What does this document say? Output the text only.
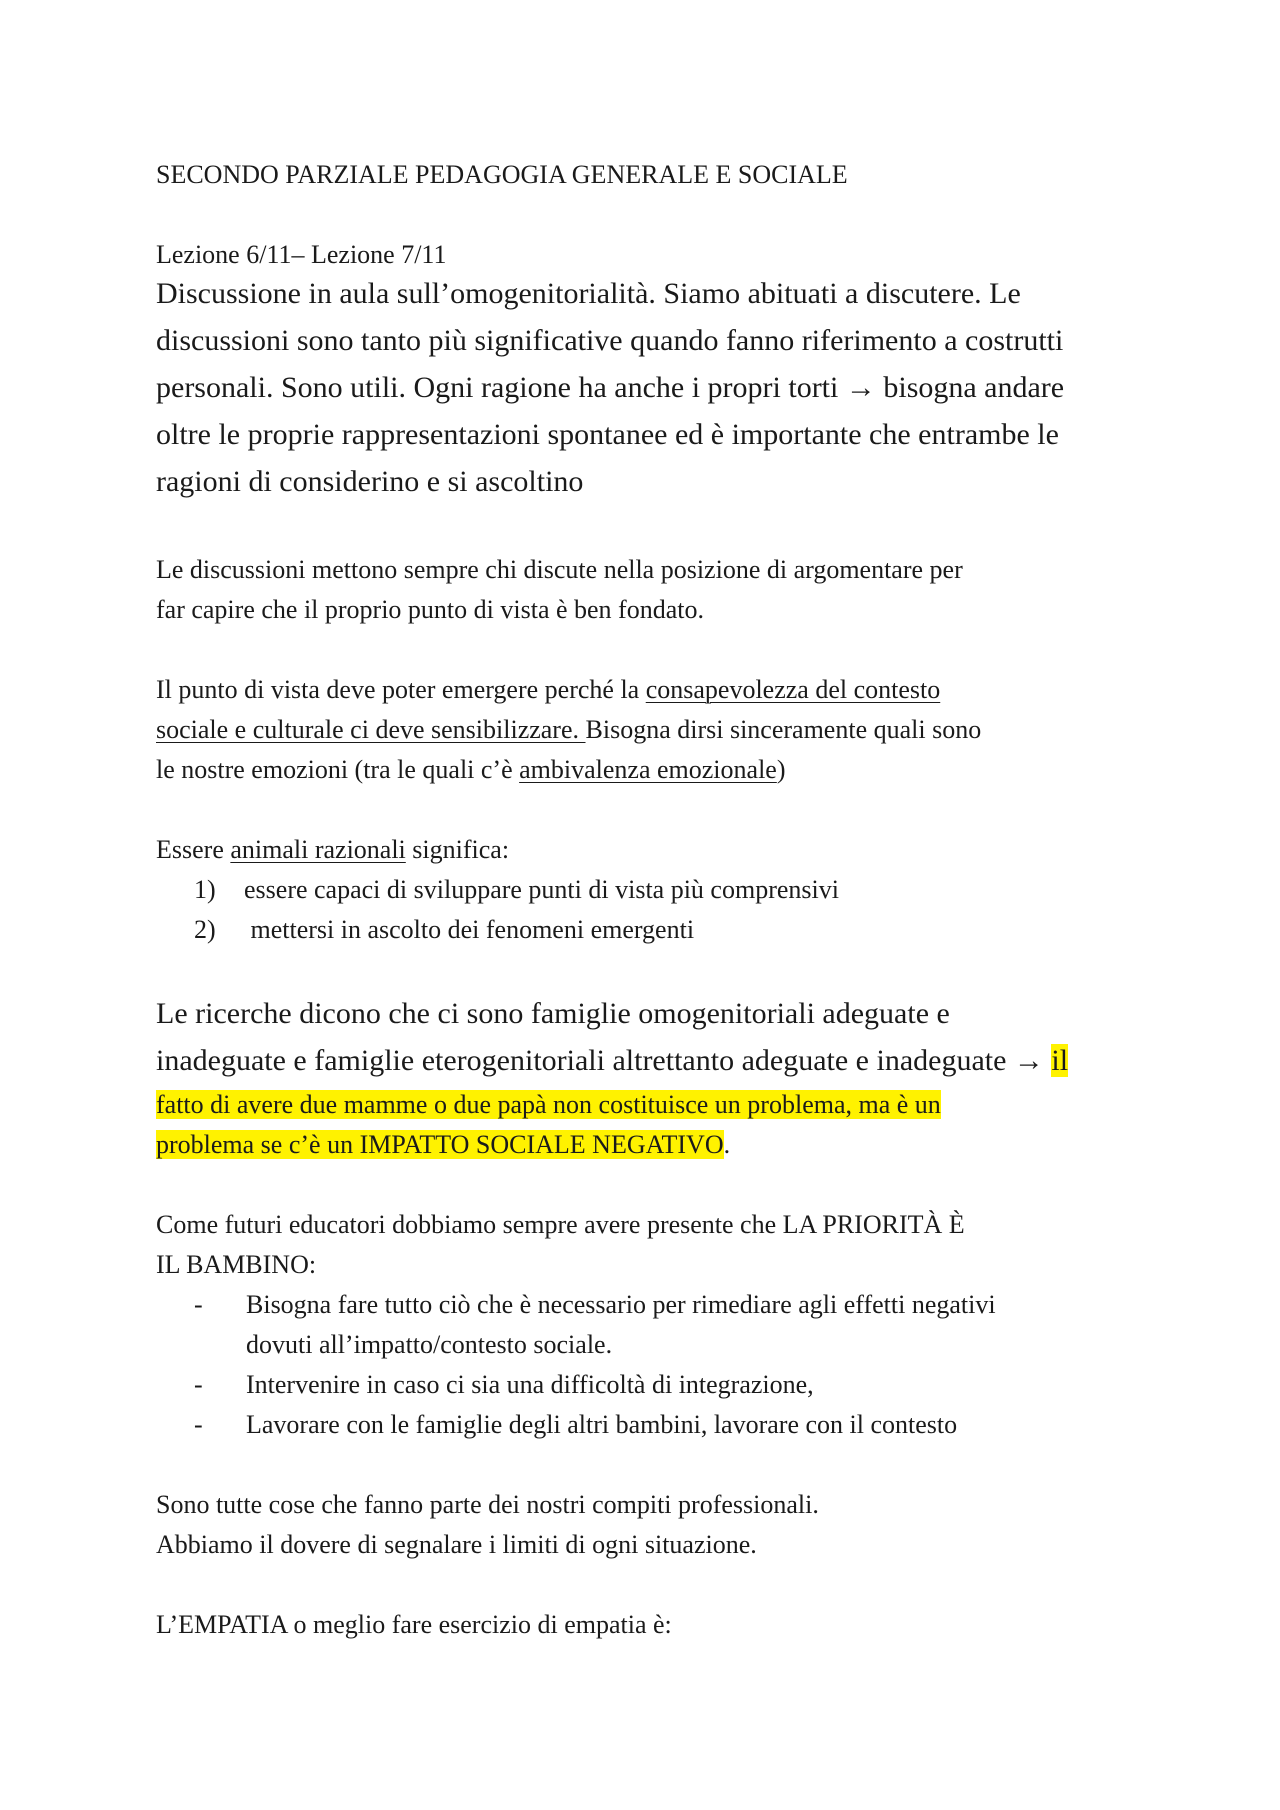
SECONDO PARZIALE PEDAGOGIA GENERALE E SOCIALE
Lezione 6/11– Lezione 7/11
Discussione in aula sull’omogenitorialità. Siamo abituati a discutere. Le
discussioni sono tanto più significative quando fanno riferimento a costrutti
personali. Sono utili. Ogni ragione ha anche i propri torti → bisogna andare
oltre le proprie rappresentazioni spontanee ed è importante che entrambe le
ragioni di considerino e si ascoltino
Le discussioni mettono sempre chi discute nella posizione di argomentare per
far capire che il proprio punto di vista è ben fondato.
Il punto di vista deve poter emergere perché la consapevolezza del contesto
sociale e culturale ci deve sensibilizzare. Bisogna dirsi sinceramente quali sono
le nostre emozioni (tra le quali c’è ambivalenza emozionale)
Essere animali razionali significa:
1) essere capaci di sviluppare punti di vista più comprensivi
2) mettersi in ascolto dei fenomeni emergenti
Le ricerche dicono che ci sono famiglie omogenitoriali adeguate e
inadeguate e famiglie eterogenitoriali altrettanto adeguate e inadeguate → il
fatto di avere due mamme o due papà non costituisce un problema, ma è un
problema se c’è un IMPATTO SOCIALE NEGATIVO.
Come futuri educatori dobbiamo sempre avere presente che LA PRIORITÀ È
IL BAMBINO:
- Bisogna fare tutto ciò che è necessario per rimediare agli effetti negativi
dovuti all’impatto/contesto sociale.
- Intervenire in caso ci sia una difficoltà di integrazione,
- Lavorare con le famiglie degli altri bambini, lavorare con il contesto
Sono tutte cose che fanno parte dei nostri compiti professionali.
Abbiamo il dovere di segnalare i limiti di ogni situazione.
L’EMPATIA o meglio fare esercizio di empatia è:
